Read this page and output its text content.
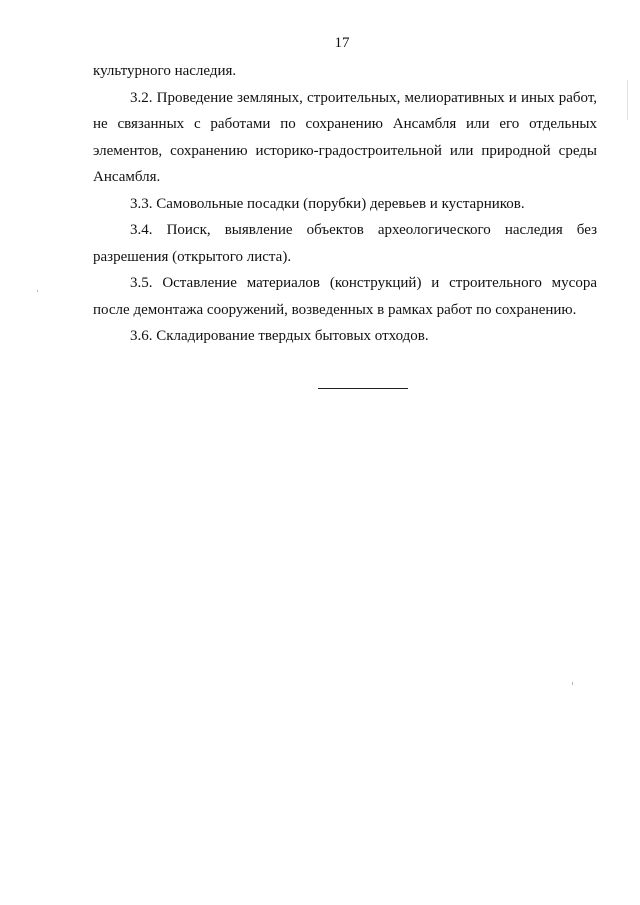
17

культурного наследия.

3.2. Проведение земляных, строительных, мелиоративных и иных работ, не связанных с работами по сохранению Ансамбля или его отдельных элементов, сохранению историко-градостроительной или природной среды Ансамбля.

3.3. Самовольные посадки (порубки) деревьев и кустарников.

3.4. Поиск, выявление объектов археологического наследия без разрешения (открытого листа).

3.5. Оставление материалов (конструкций) и строительного мусора после демонтажа сооружений, возведенных в рамках работ по сохранению.

3.6. Складирование твердых бытовых отходов.
